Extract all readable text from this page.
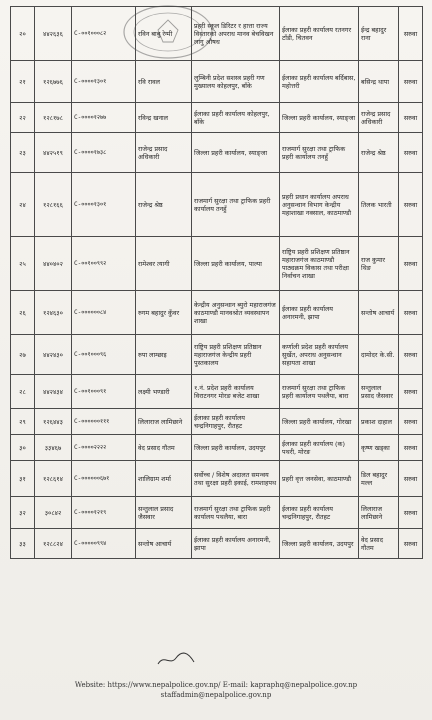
२०	४४२६३६	C-००१०००८२	रविन बाबु रेग्मी	प्रहरी स्कूल डिरिटर र हात्ता राज्य विस्तारको अपराध मानव बेचविखन लागु औषध	ईलाका प्रहरी कार्यालय रतनगर टाँडी, चितवन	ईन्द्र बहादुर राना	सरुवा
२१	१२६७७६	C-००००१३०१	रवि रावल	लुम्बिनी प्रदेश सशस्त्र प्रहरी गण मुख्यालय कोहलपुर, बाँके	ईलाका प्रहरी कार्यालय बर्दिबास, महोत्तरी	बसिन्द्र थापा	सरुवा
२२	१२८१७८	C-००००१२७७	रविन्द्र खनाल	ईलाका प्रहरी कार्यालय कोहलपुर, बाँके	जिल्ला प्रहरी कार्यालय, स्याङ्जा	राजेन्द्र प्रसाद अधिकारी	सरुवा
२३	४४२५१९	C-००००१७३८	राजेन्द्र प्रसाद अधिकारी	जिल्ला प्रहरी कार्यालय, स्याङ्जा	राजमार्ग सुरक्षा तथा ट्राफिक प्रहरी कार्यालय तनहुँ	राजेन्द्र श्रेष्ठ	सरुवा
२४	१२८१६६	C-००००१३०१	राजेन्द्र श्रेष्ठ	राजमार्ग सुरक्षा तथा ट्राफिक प्रहरी कार्यालय तनहुँ	प्रहरी प्रधान कार्यालय अपराध अनुसन्धान विभाग केन्द्रीय महाशाखा नक्साल, काठमाण्डौ	तिलक भारती	सरुवा
२५	४४०४०२	C-००१००९९२	रामेश्वर त्यागी	जिल्ला प्रहरी कार्यालय, पाल्पा	राष्ट्रिय प्रहरी प्रशिक्षण प्रतिष्ठान महाराजगंज काठमाण्डौ पाठ्यक्रम विकास तथा परीक्षा निर्वाचन शाखा	राज कुमार थिङ	सरुवा
२६	१२४६३०	C-००००००८४	रुगम बहादुर कुँवर	केन्द्रीय अनुसन्धान ब्युरो महाराजगंज काठमाण्डौ मानवश्रोत व्यवस्थापन शाखा	ईलाका प्रहरी कार्यालय अनारमनी, झापा	सन्तोष आचार्य	सरुवा
२७	४४२४३०	C-००१०००९६	रुपा लाम्छाइ	राष्ट्रिय प्रहरी प्रशिक्षण प्रतिष्ठान महाराजगंज केन्द्रीय प्रहरी पुस्तकालय	कर्णाली प्रदेश प्रहरी कार्यालय सुर्खेत, अपराध अनुसन्धान सहायता शाखा	दामोदर के.सी.	सरुवा
२८	४४२४३४	C-००१०००९१	लक्ष्मी भण्डारी	१.नं. प्रदेश प्रहरी कार्यालय विराटनगर मोरङ बजेट शाखा	राजमार्ग सुरक्षा तथा ट्राफिक प्रहरी कार्यालय पथलैया, बारा	सन्तुलाल प्रसाद जैसवार	सरुवा
२९	१२६४४३	C-००००००१११	लिलाराज लामिछाने	ईलाका प्रहरी कार्यालय चन्द्रनिगाहपुर, रौतहट	जिल्ला प्रहरी कार्यालय, गोरखा	प्रकाश दाहाल	सरुवा
३०	३३४६७	C-००००२२२२	वेद प्रसाद गौतम	जिल्ला प्रहरी कार्यालय, उदयपुर	ईलाका प्रहरी कार्यालय (क) पथरी, मोरङ	कृष्ण खड्का	सरुवा
३१	१२८६१४	C-००००००६७१	शालिग्राम शर्मा	सर्वोच्च / विशेष अदालत समन्वय तथा सुरक्षा प्रहरी इकाई, रामशाहपथ	प्रहरी वृत्त जनसेवा, काठमाण्डौ	डिल बहादुर मल्ल	सरुवा
३२	३०८४२	C-००००१२१९	सन्तुलाल प्रसाद जैसवार	राजमार्ग सुरक्षा तथा ट्राफिक प्रहरी कार्यालय पथलैया, बारा	ईलाका प्रहरी कार्यालय चन्द्रनिगाहपुर, रौतहट	लिलाराज लामिछाने	सरुवा
३३	१२८८२४	C-०००००९९४	सन्तोष आचार्य	ईलाका प्रहरी कार्यालय अनारमनी, झापा	जिल्ला प्रहरी कार्यालय, उदयपुर	वेद प्रसाद गौतम	सरुवा
Website: https://www.nepalpolice.gov.np/ E-mail: kapraphq@nepalpolice.gov.np
staffadmin@nepalpolice.gov.np
